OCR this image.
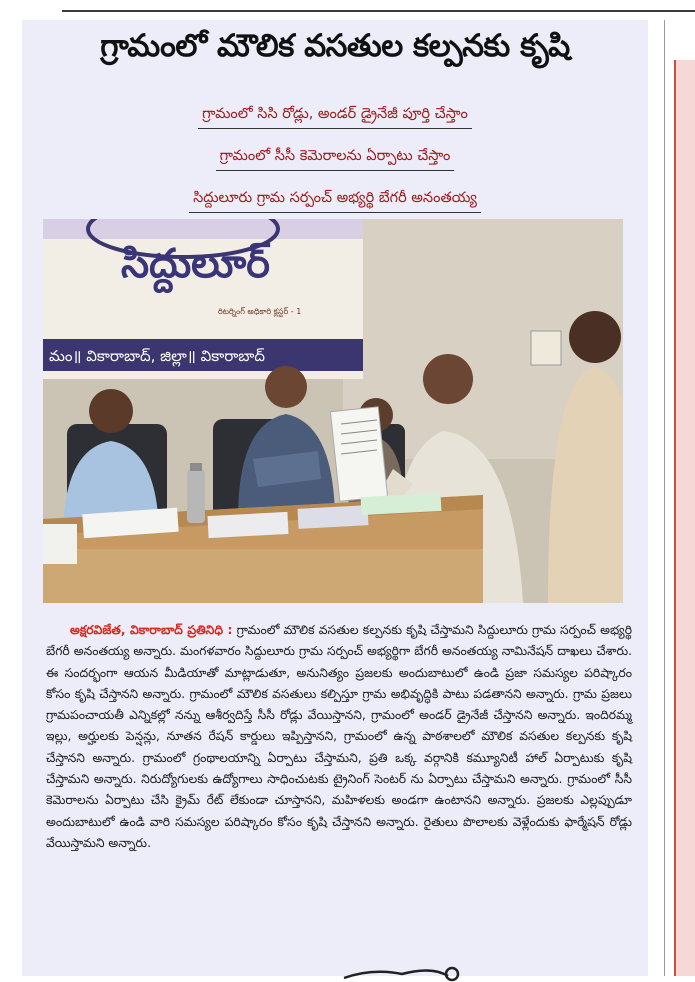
గ్రామంలో మౌలిక వసతుల కల్పనకు కృషి
గ్రామంలో సిసి రోడ్లు, అండర్ డ్రైనేజీ పూర్తి చేస్తాం
గ్రామంలో సీసీ కెమెరాలను ఏర్పాటు చేస్తాం
సిద్దులూరు గ్రామ సర్పంచ్ అభ్యర్థి బేగరీ అనంతయ్య
సిద్దులూర్
రిటర్నింగ్ అధికారి క్లస్టర్ - 1
మం॥ వికారాబాద్, జిల్లా॥ వికారాబాద్
అక్షరవిజేత, వికారాబాద్ ప్రతినిధి : గ్రామంలో మౌలిక వసతుల కల్పనకు కృషి చేస్తామని సిద్దులూరు గ్రామ సర్పంచ్ అభ్యర్థి బేగరీ అనంతయ్య అన్నారు. మంగళవారం సిద్దులూరు గ్రామ సర్పంచ్ అభ్యర్థిగా బేగరీ అనంతయ్య నామినేషన్ దాఖలు చేశారు. ఈ సందర్భంగా ఆయన మీడియాతో మాట్లాడుతూ, అనునిత్యం ప్రజలకు అందుబాటులో ఉండి ప్రజా సమస్యల పరిష్కారం కోసం కృషి చేస్తానని అన్నారు. గ్రామంలో మౌలిక వసతులు కల్పిస్తూ గ్రామ అభివృద్ధికి పాటు పడతానని అన్నారు. గ్రామ ప్రజలు గ్రామపంచాయతీ ఎన్నికల్లో నన్ను ఆశీర్వదిస్తే సీసీ రోడ్లు వేయిస్తానని, గ్రామంలో అండర్ డ్రైనేజీ చేస్తానని అన్నారు. ఇందిరమ్మ ఇల్లు, అర్హులకు పెన్షన్లు, నూతన రేషన్ కార్డులు ఇప్పిస్తానని, గ్రామంలో ఉన్న పాఠశాలలో మౌలిక వసతుల కల్పనకు కృషి చేస్తానని అన్నారు. గ్రామంలో గ్రంథాలయాన్ని ఏర్పాటు చేస్తామని, ప్రతి ఒక్క వర్గానికి కమ్యూనిటీ హాల్ ఏర్పాటుకు కృషి చేస్తామని అన్నారు. నిరుద్యోగులకు ఉద్యోగాలు సాధించుటకు ట్రైనింగ్ సెంటర్ ను ఏర్పాటు చేస్తామని అన్నారు. గ్రామంలో సీసీ కెమెరాలను ఏర్పాటు చేసి క్రైమ్ రేట్ లేకుండా చూస్తానని, మహిళలకు అండగా ఉంటానని అన్నారు. ప్రజలకు ఎల్లప్పుడూ అందుబాటులో ఉండి వారి సమస్యల పరిష్కారం కోసం కృషి చేస్తానని అన్నారు. రైతులు పొలాలకు వెళ్లేందుకు ఫార్మేషన్ రోడ్లు వేయిస్తామని అన్నారు.
